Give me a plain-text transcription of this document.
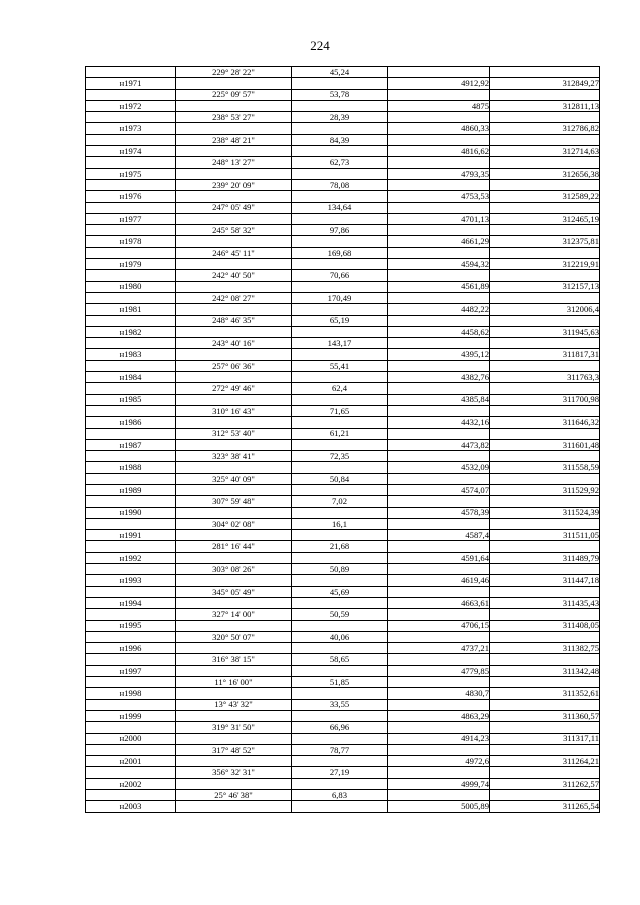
224
	229° 28' 22"	45,24		
н1971			4912,92	312849,27
	225° 09' 57"	53,78		
н1972			4875	312811,13
	238° 53' 27"	28,39		
н1973			4860,33	312786,82
	238° 48' 21"	84,39		
н1974			4816,62	312714,63
	248° 13' 27"	62,73		
н1975			4793,35	312656,38
	239° 20' 09"	78,08		
н1976			4753,53	312589,22
	247° 05' 49"	134,64		
н1977			4701,13	312465,19
	245° 58' 32"	97,86		
н1978			4661,29	312375,81
	246° 45' 11"	169,68		
н1979			4594,32	312219,91
	242° 40' 50"	70,66		
н1980			4561,89	312157,13
	242° 08' 27"	170,49		
н1981			4482,22	312006,4
	248° 46' 35"	65,19		
н1982			4458,62	311945,63
	243° 40' 16"	143,17		
н1983			4395,12	311817,31
	257° 06' 36"	55,41		
н1984			4382,76	311763,3
	272° 49' 46"	62,4		
н1985			4385,84	311700,98
	310° 16' 43"	71,65		
н1986			4432,16	311646,32
	312° 53' 40"	61,21		
н1987			4473,82	311601,48
	323° 38' 41"	72,35		
н1988			4532,09	311558,59
	325° 40' 09"	50,84		
н1989			4574,07	311529,92
	307° 59' 48"	7,02		
н1990			4578,39	311524,39
	304° 02' 08"	16,1		
н1991			4587,4	311511,05
	281° 16' 44"	21,68		
н1992			4591,64	311489,79
	303° 08' 26"	50,89		
н1993			4619,46	311447,18
	345° 05' 49"	45,69		
н1994			4663,61	311435,43
	327° 14' 00"	50,59		
н1995			4706,15	311408,05
	320° 50' 07"	40,06		
н1996			4737,21	311382,75
	316° 38' 15"	58,65		
н1997			4779,85	311342,48
	11° 16' 00"	51,85		
н1998			4830,7	311352,61
	13° 43' 32"	33,55		
н1999			4863,29	311360,57
	319° 31' 50"	66,96		
н2000			4914,23	311317,11
	317° 48' 52"	78,77		
н2001			4972,6	311264,21
	356° 32' 31"	27,19		
н2002			4999,74	311262,57
	25° 46' 38"	6,83		
н2003			5005,89	311265,54
